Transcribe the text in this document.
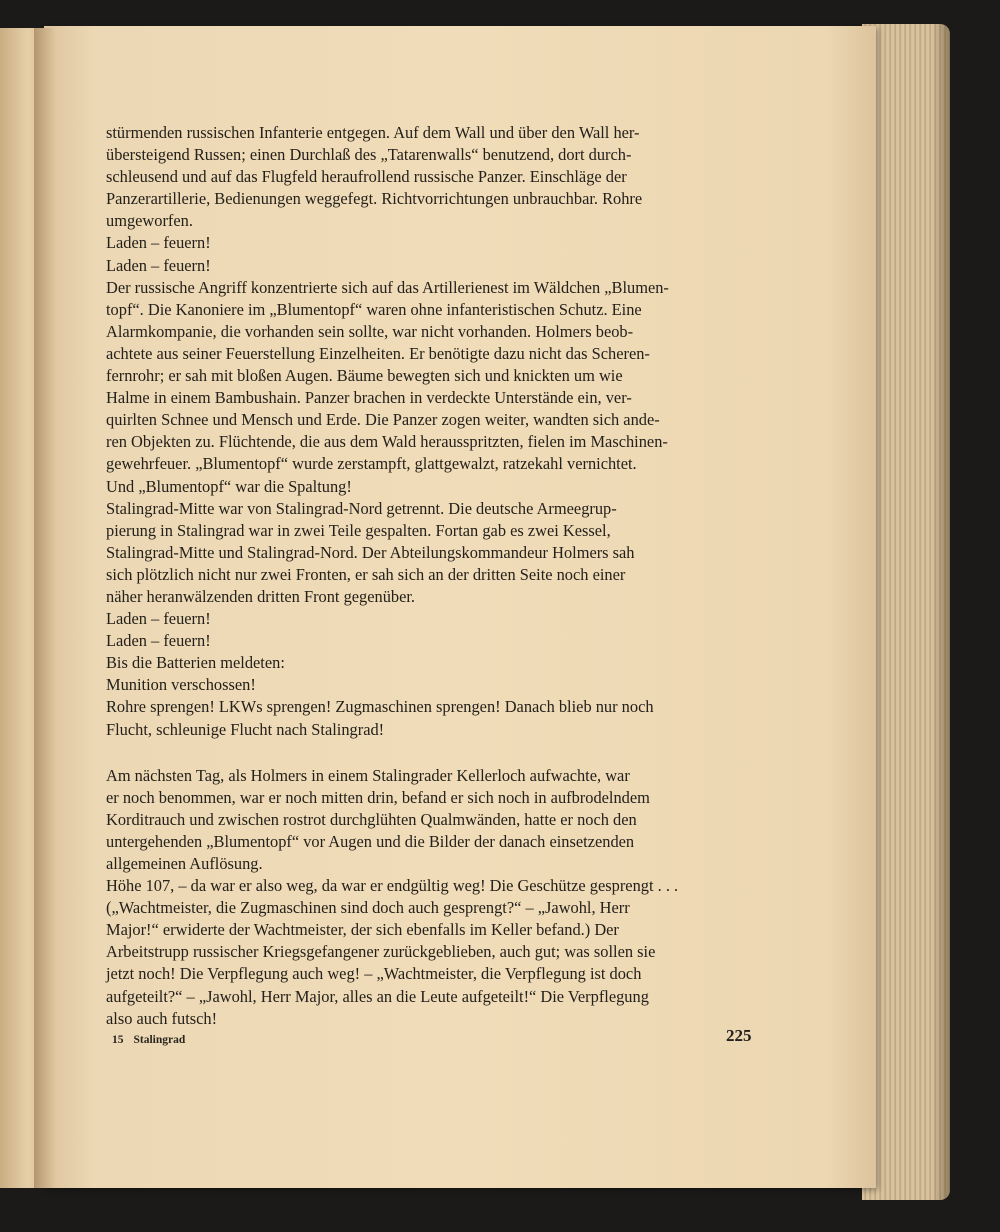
stürmenden russischen Infanterie entgegen. Auf dem Wall und über den Wall her-

übersteigend Russen; einen Durchlaß des „Tatarenwalls“ benutzend, dort durch-

schleusend und auf das Flugfeld heraufrollend russische Panzer. Einschläge der

Panzerartillerie, Bedienungen weggefegt. Richtvorrichtungen unbrauchbar. Rohre

umgeworfen.

Laden – feuern!

Laden – feuern!

Der russische Angriff konzentrierte sich auf das Artillerienest im Wäldchen „Blumen-

topf“. Die Kanoniere im „Blumentopf“ waren ohne infanteristischen Schutz. Eine

Alarmkompanie, die vorhanden sein sollte, war nicht vorhanden. Holmers beob-

achtete aus seiner Feuerstellung Einzelheiten. Er benötigte dazu nicht das Scheren-

fernrohr; er sah mit bloßen Augen. Bäume bewegten sich und knickten um wie

Halme in einem Bambushain. Panzer brachen in verdeckte Unterstände ein, ver-

quirlten Schnee und Mensch und Erde. Die Panzer zogen weiter, wandten sich ande-

ren Objekten zu. Flüchtende, die aus dem Wald herausspritzten, fielen im Maschinen-

gewehrfeuer. „Blumentopf“ wurde zerstampft, glattgewalzt, ratzekahl vernichtet.

Und „Blumentopf“ war die Spaltung!

Stalingrad-Mitte war von Stalingrad-Nord getrennt. Die deutsche Armeegrup-

pierung in Stalingrad war in zwei Teile gespalten. Fortan gab es zwei Kessel,

Stalingrad-Mitte und Stalingrad-Nord. Der Abteilungskommandeur Holmers sah

sich plötzlich nicht nur zwei Fronten, er sah sich an der dritten Seite noch einer

näher heranwälzenden dritten Front gegenüber.

Laden – feuern!

Laden – feuern!

Bis die Batterien meldeten:

Munition verschossen!

Rohre sprengen! LKWs sprengen! Zugmaschinen sprengen! Danach blieb nur noch

Flucht, schleunige Flucht nach Stalingrad!

Am nächsten Tag, als Holmers in einem Stalingrader Kellerloch aufwachte, war

er noch benommen, war er noch mitten drin, befand er sich noch in aufbrodelndem

Korditrauch und zwischen rostrot durchglühten Qualmwänden, hatte er noch den

untergehenden „Blumentopf“ vor Augen und die Bilder der danach einsetzenden

allgemeinen Auflösung.

Höhe 107, – da war er also weg, da war er endgültig weg! Die Geschütze gesprengt . . .

(„Wachtmeister, die Zugmaschinen sind doch auch gesprengt?“ – „Jawohl, Herr

Major!“ erwiderte der Wachtmeister, der sich ebenfalls im Keller befand.) Der

Arbeitstrupp russischer Kriegsgefangener zurückgeblieben, auch gut; was sollen sie

jetzt noch! Die Verpflegung auch weg! – „Wachtmeister, die Verpflegung ist doch

aufgeteilt?“ – „Jawohl, Herr Major, alles an die Leute aufgeteilt!“ Die Verpflegung

also auch futsch!

15 Stalingrad	225
